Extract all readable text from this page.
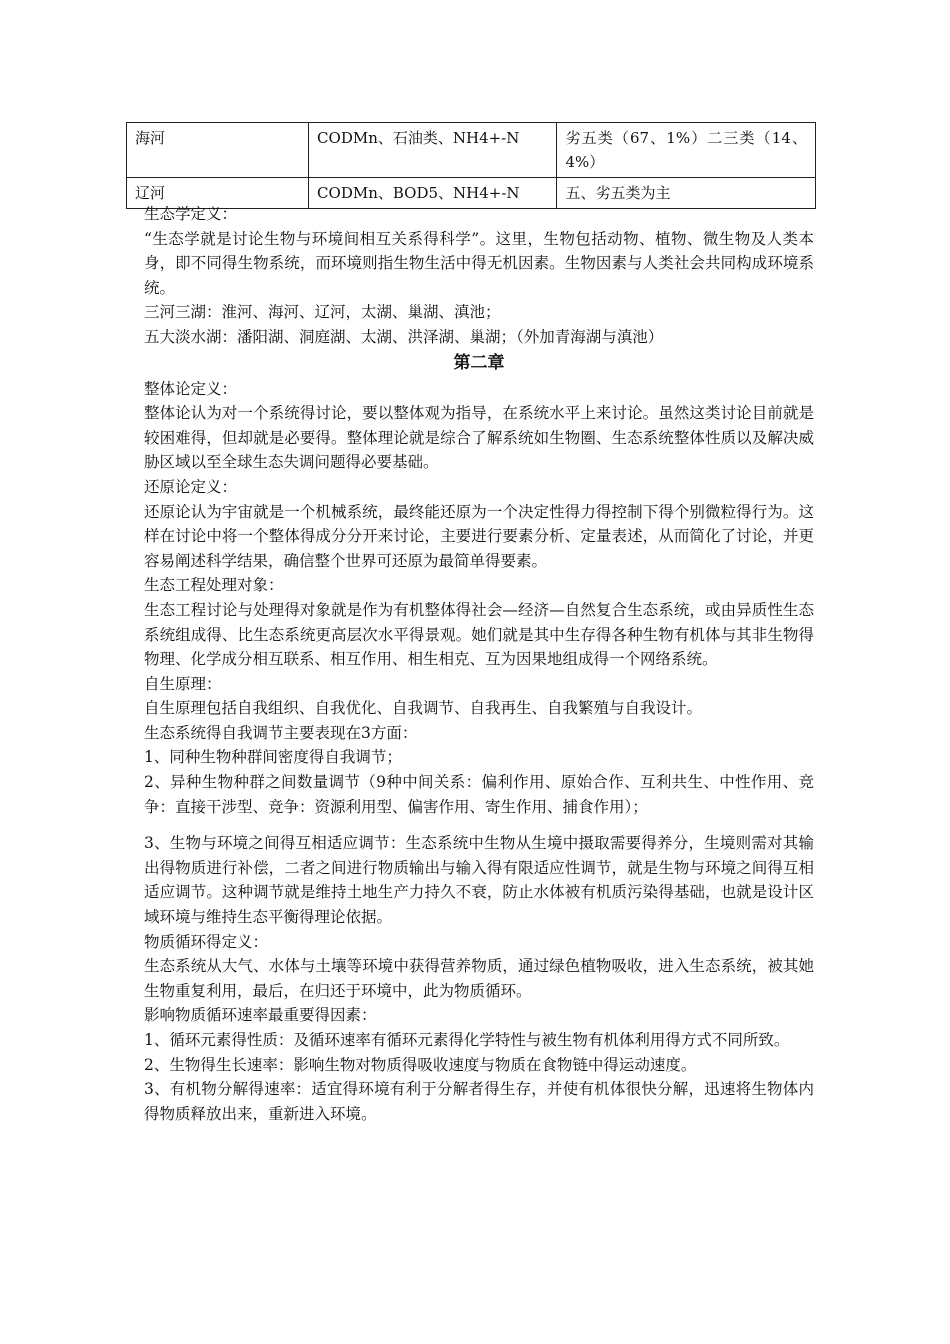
海河	CODMn、石油类、NH4+-N	劣五类（67、1%）二三类（14、4%）
辽河	CODMn、BOD5、NH4+-N	五、劣五类为主

生态学定义：

“生态学就是讨论生物与环境间相互关系得科学”。这里，生物包括动物、植物、微生物及人类本身，即不同得生物系统，而环境则指生物生活中得无机因素。生物因素与人类社会共同构成环境系统。

三河三湖：淮河、海河、辽河，太湖、巢湖、滇池；

五大淡水湖：潘阳湖、洞庭湖、太湖、洪泽湖、巢湖；（外加青海湖与滇池）

第二章

整体论定义：

整体论认为对一个系统得讨论，要以整体观为指导，在系统水平上来讨论。虽然这类讨论目前就是较困难得，但却就是必要得。整体理论就是综合了解系统如生物圈、生态系统整体性质以及解决威胁区域以至全球生态失调问题得必要基础。

还原论定义：

还原论认为宇宙就是一个机械系统，最终能还原为一个决定性得力得控制下得个别微粒得行为。这样在讨论中将一个整体得成分分开来讨论，主要进行要素分析、定量表述，从而简化了讨论，并更容易阐述科学结果，确信整个世界可还原为最简单得要素。

生态工程处理对象：

生态工程讨论与处理得对象就是作为有机整体得社会—经济—自然复合生态系统，或由异质性生态系统组成得、比生态系统更高层次水平得景观。她们就是其中生存得各种生物有机体与其非生物得物理、化学成分相互联系、相互作用、相生相克、互为因果地组成得一个网络系统。

自生原理：

自生原理包括自我组织、自我优化、自我调节、自我再生、自我繁殖与自我设计。

生态系统得自我调节主要表现在3方面：

1、同种生物种群间密度得自我调节；

2、异种生物种群之间数量调节（9种中间关系：偏利作用、原始合作、互利共生、中性作用、竞争：直接干涉型、竞争：资源利用型、偏害作用、寄生作用、捕食作用）；

3、生物与环境之间得互相适应调节：生态系统中生物从生境中摄取需要得养分，生境则需对其输出得物质进行补偿，二者之间进行物质输出与输入得有限适应性调节，就是生物与环境之间得互相适应调节。这种调节就是维持土地生产力持久不衰，防止水体被有机质污染得基础，也就是设计区域环境与维持生态平衡得理论依据。

物质循环得定义：

生态系统从大气、水体与土壤等环境中获得营养物质，通过绿色植物吸收，进入生态系统，被其她生物重复利用，最后，在归还于环境中，此为物质循环。

影响物质循环速率最重要得因素：

1、循环元素得性质：及循环速率有循环元素得化学特性与被生物有机体利用得方式不同所致。

2、生物得生长速率：影响生物对物质得吸收速度与物质在食物链中得运动速度。

3、有机物分解得速率：适宜得环境有利于分解者得生存，并使有机体很快分解，迅速将生物体内得物质释放出来，重新进入环境。
